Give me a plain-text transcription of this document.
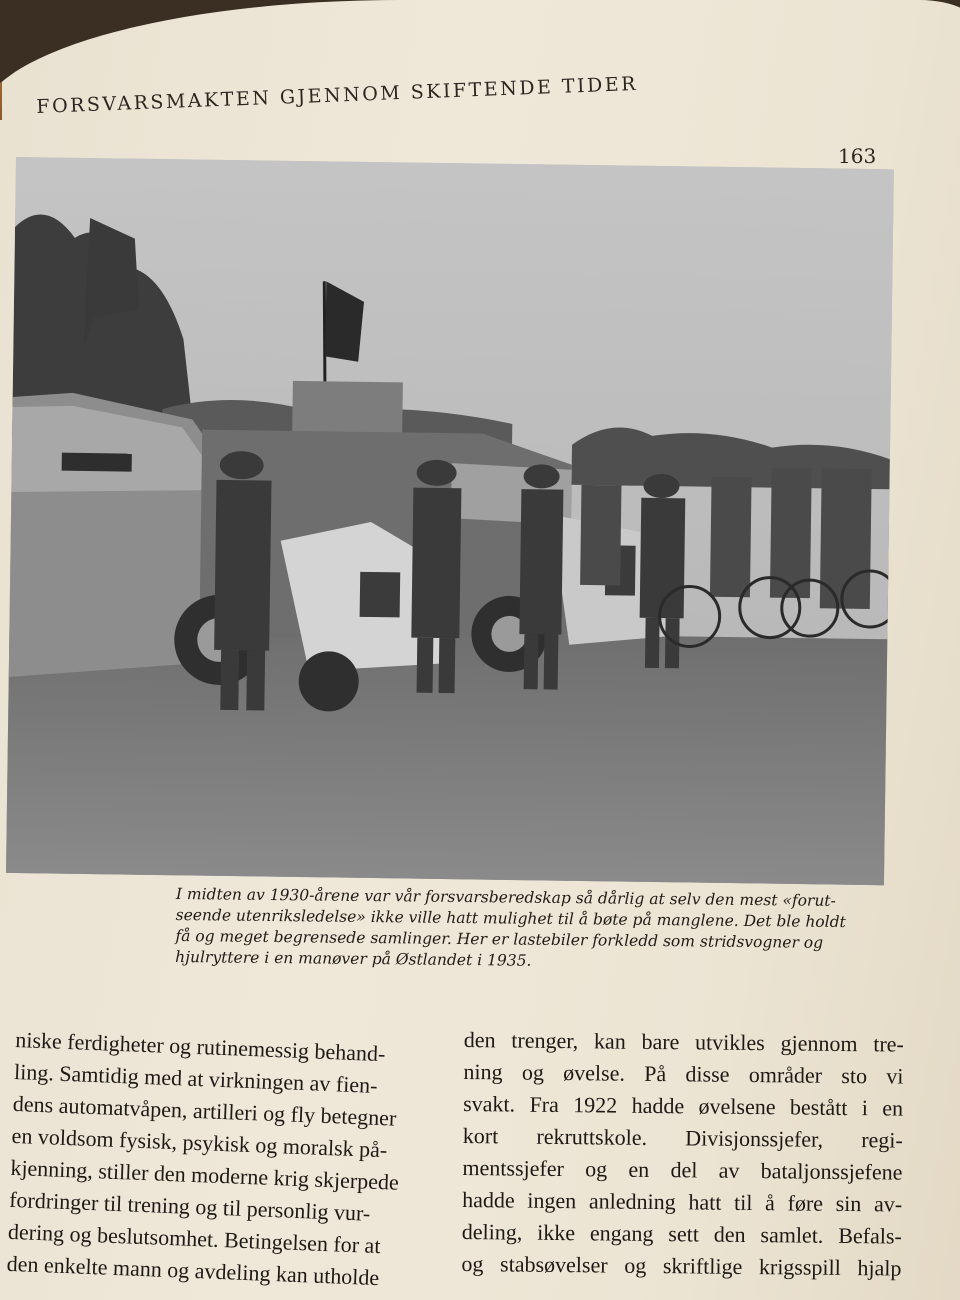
FORSVARSMAKTEN GJENNOM SKIFTENDE TIDER
163
I midten av 1930-årene var vår forsvarsberedskap så dårlig at selv den mest «forut-
seende utenriksledelse» ikke ville hatt mulighet til å bøte på manglene. Det ble holdt
få og meget begrensede samlinger. Her er lastebiler forkledd som stridsvogner og
hjulryttere i en manøver på Østlandet i 1935.
niske ferdigheter og rutinemessig behand-
ling. Samtidig med at virkningen av fien-
dens automatvåpen, artilleri og fly betegner
en voldsom fysisk, psykisk og moralsk på-
kjenning, stiller den moderne krig skjerpede
fordringer til trening og til personlig vur-
dering og beslutsomhet. Betingelsen for at
den enkelte mann og avdeling kan utholde
den trenger, kan bare utvikles gjennom tre-
ning og øvelse. På disse områder sto vi
svakt. Fra 1922 hadde øvelsene bestått i en
kort rekruttskole. Divisjonssjefer, regi-
mentssjefer og en del av bataljonssjefene
hadde ingen anledning hatt til å føre sin av-
deling, ikke engang sett den samlet. Befals-
og stabsøvelser og skriftlige krigsspill hjalp
